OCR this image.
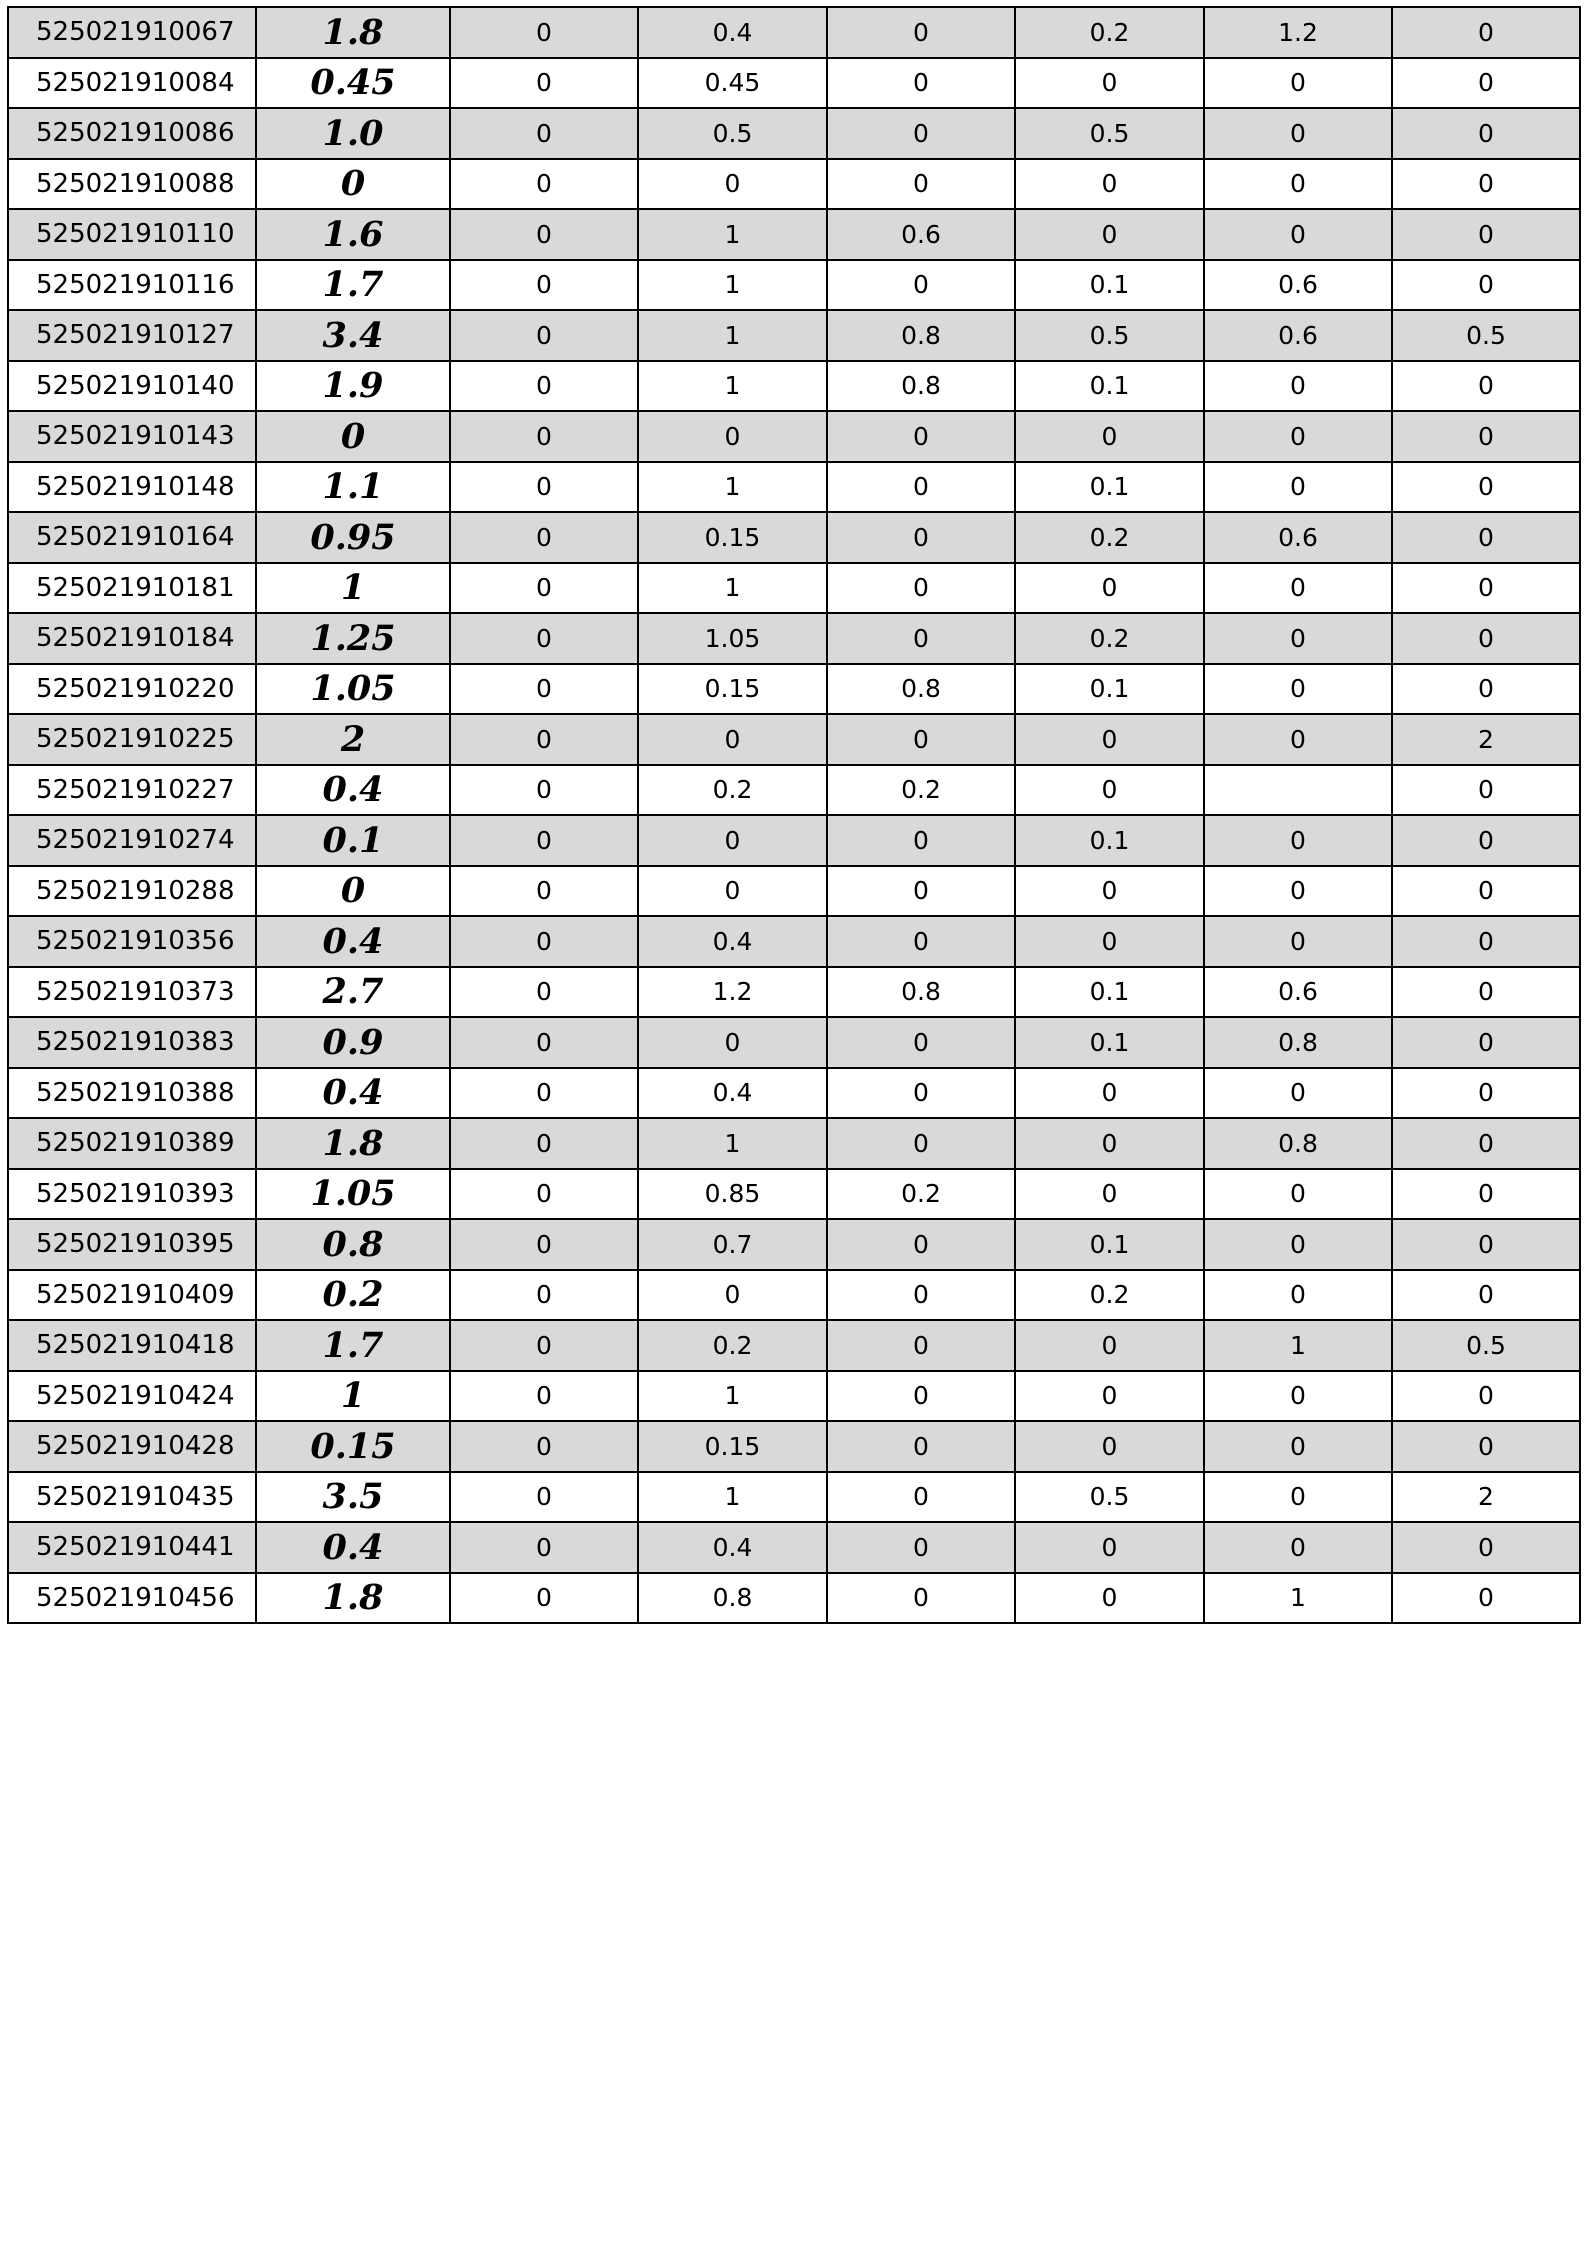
525021910067	1.8	0	0.4	0	0.2	1.2	0
525021910084	0.45	0	0.45	0	0	0	0
525021910086	1.0	0	0.5	0	0.5	0	0
525021910088	0	0	0	0	0	0	0
525021910110	1.6	0	1	0.6	0	0	0
525021910116	1.7	0	1	0	0.1	0.6	0
525021910127	3.4	0	1	0.8	0.5	0.6	0.5
525021910140	1.9	0	1	0.8	0.1	0	0
525021910143	0	0	0	0	0	0	0
525021910148	1.1	0	1	0	0.1	0	0
525021910164	0.95	0	0.15	0	0.2	0.6	0
525021910181	1	0	1	0	0	0	0
525021910184	1.25	0	1.05	0	0.2	0	0
525021910220	1.05	0	0.15	0.8	0.1	0	0
525021910225	2	0	0	0	0	0	2
525021910227	0.4	0	0.2	0.2	0		0
525021910274	0.1	0	0	0	0.1	0	0
525021910288	0	0	0	0	0	0	0
525021910356	0.4	0	0.4	0	0	0	0
525021910373	2.7	0	1.2	0.8	0.1	0.6	0
525021910383	0.9	0	0	0	0.1	0.8	0
525021910388	0.4	0	0.4	0	0	0	0
525021910389	1.8	0	1	0	0	0.8	0
525021910393	1.05	0	0.85	0.2	0	0	0
525021910395	0.8	0	0.7	0	0.1	0	0
525021910409	0.2	0	0	0	0.2	0	0
525021910418	1.7	0	0.2	0	0	1	0.5
525021910424	1	0	1	0	0	0	0
525021910428	0.15	0	0.15	0	0	0	0
525021910435	3.5	0	1	0	0.5	0	2
525021910441	0.4	0	0.4	0	0	0	0
525021910456	1.8	0	0.8	0	0	1	0
